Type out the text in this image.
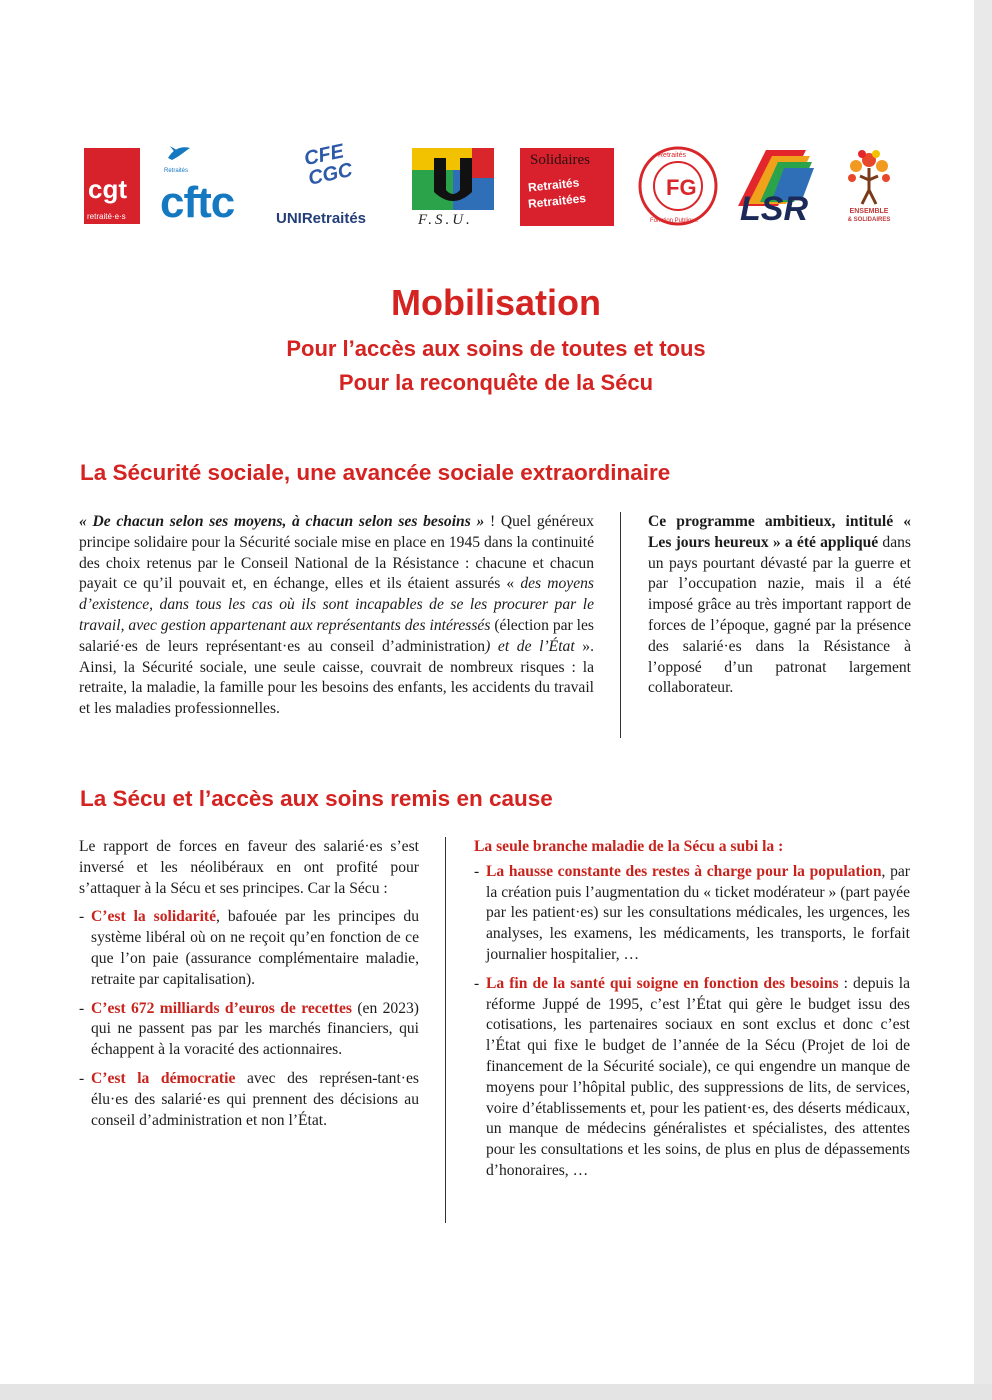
cgt
retraité·e·s
Retraités
cftc
CFE CGC
UNIRetraités	F.S.U.
Solidaires
Retraités
Retraitées
FG
Retraités
Fonction Publique LSR	ENSEMBLE
& SOLIDAIRES
Mobilisation
Pour l’accès aux soins de toutes et tous
Pour la reconquête de la Sécu
La Sécurité sociale, une avancée sociale extraordinaire

« De chacun selon ses moyens, à chacun selon ses besoins » ! Quel généreux principe solidaire pour la Sécurité sociale mise en place en 1945 dans la continuité des choix retenus par le Conseil National de la Résistance : chacune et chacun payait ce qu’il pouvait et, en échange, elles et ils étaient assurés « des moyens d’existence, dans tous les cas où ils sont incapables de se les procurer par le travail, avec gestion appartenant aux représentants des intéressés (élection par les salarié·es de leurs représentant·es au conseil d’administration) et de l’État ». Ainsi, la Sécurité sociale, une seule caisse, couvrait de nombreux risques : la retraite, la maladie, la famille pour les besoins des enfants, les accidents du travail et les maladies professionnelles.

Ce programme ambitieux, intitulé « Les jours heureux » a été appliqué dans un pays pourtant dévasté par la guerre et par l’occupation nazie, mais il a été imposé grâce au très important rapport de forces de l’époque, gagné par la présence des salarié·es dans la Résistance à l’opposé d’un patronat largement collaborateur.

La Sécu et l’accès aux soins remis en cause

Le rapport de forces en faveur des salarié·es s’est inversé et les néolibéraux en ont profité pour s’attaquer à la Sécu et ses principes. Car la Sécu :

- C’est la solidarité, bafouée par les principes du système libéral où on ne reçoit qu’en fonction de ce que l’on paie (assurance complémentaire maladie, retraite par capitalisation).
- C’est 672 milliards d’euros de recettes (en 2023) qui ne passent pas par les marchés financiers, qui échappent à la voracité des actionnaires.
- C’est la démocratie avec des représen-tant·es élu·es des salarié·es qui prennent des décisions au conseil d’administration et non l’État.

La seule branche maladie de la Sécu a subi la :

- La hausse constante des restes à charge pour la population, par la création puis l’augmentation du « ticket modérateur » (part payée par les patient·es) sur les consultations médicales, les urgences, les analyses, les examens, les médicaments, les transports, le forfait journalier hospitalier, …
- La fin de la santé qui soigne en fonction des besoins : depuis la réforme Juppé de 1995, c’est l’État qui gère le budget issu des cotisations, les partenaires sociaux en sont exclus et donc c’est l’État qui fixe le budget de l’année de la Sécu (Projet de loi de financement de la Sécurité sociale), ce qui engendre un manque de moyens pour l’hôpital public, des suppressions de lits, de services, voire d’établissements et, pour les patient·es, des déserts médicaux, un manque de médecins généralistes et spécialistes, des attentes pour les consultations et les soins, de plus en plus de dépassements d’honoraires, …
